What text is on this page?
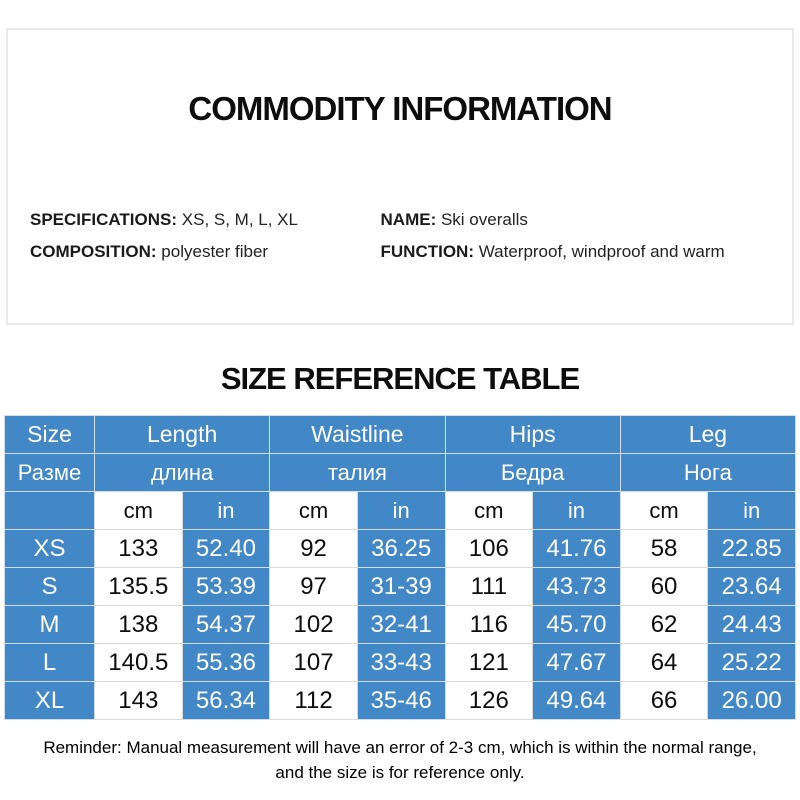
COMMODITY INFORMATION

SPECIFICATIONS: XS, S, M, L, XL

COMPOSITION: polyester fiber

NAME: Ski overalls

FUNCTION: Waterproof, windproof and warm

SIZE REFERENCE TABLE
Size	Length		Waistline		Hips		Leg	
Разме	длина		талия		Бедра		Нога	
	cm	in	cm	in	cm	in	cm	in
XS	133	52.40	92	36.25	106	41.76	58	22.85
S	135.5	53.39	97	31-39	111	43.73	60	23.64
M	138	54.37	102	32-41	116	45.70	62	24.43
L	140.5	55.36	107	33-43	121	47.67	64	25.22
XL	143	56.34	112	35-46	126	49.64	66	26.00

Reminder: Manual measurement will have an error of 2-3 cm, which is within the normal range,
and the size is for reference only.
